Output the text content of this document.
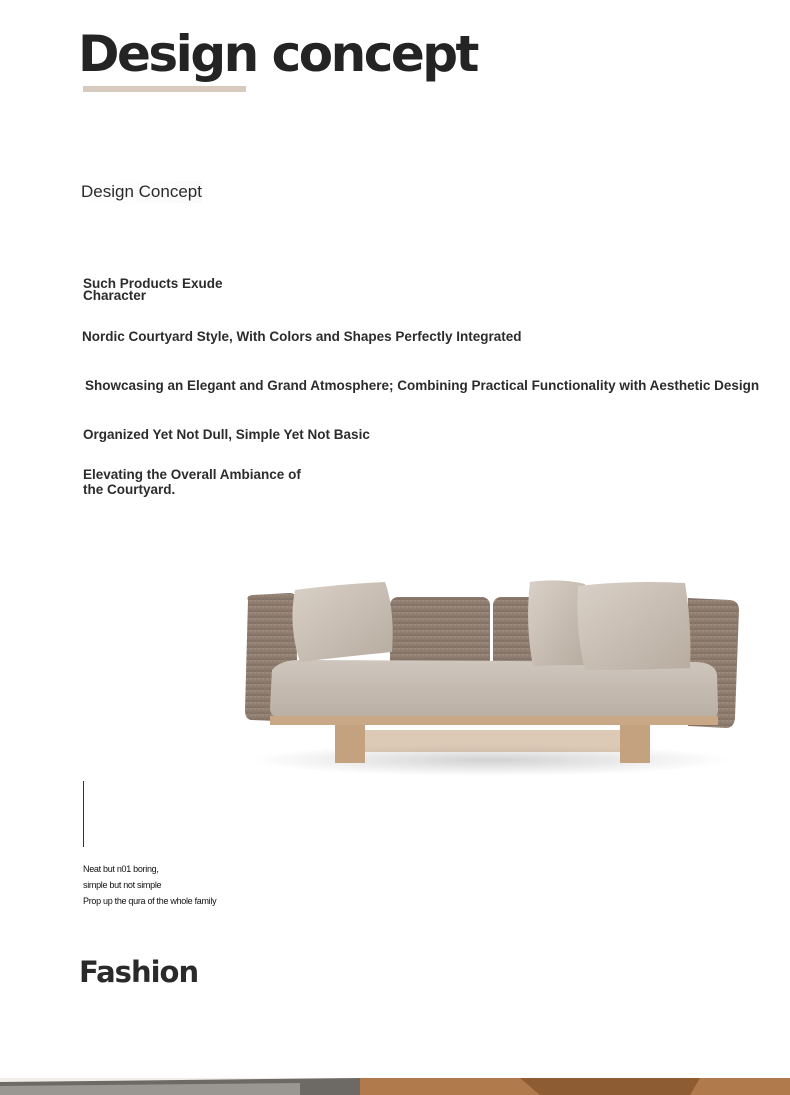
Design concept
Design Concept
Such Products Exude
Character
Nordic Courtyard Style, With Colors and Shapes Perfectly Integrated
Showcasing an Elegant and Grand Atmosphere; Combining Practical Functionality with Aesthetic Design
Organized Yet Not Dull, Simple Yet Not Basic
Elevating the Overall Ambiance of the Courtyard.
Neat but n01 boring,
simple but not simple
Prop up the qura of the whole family
Fashion
